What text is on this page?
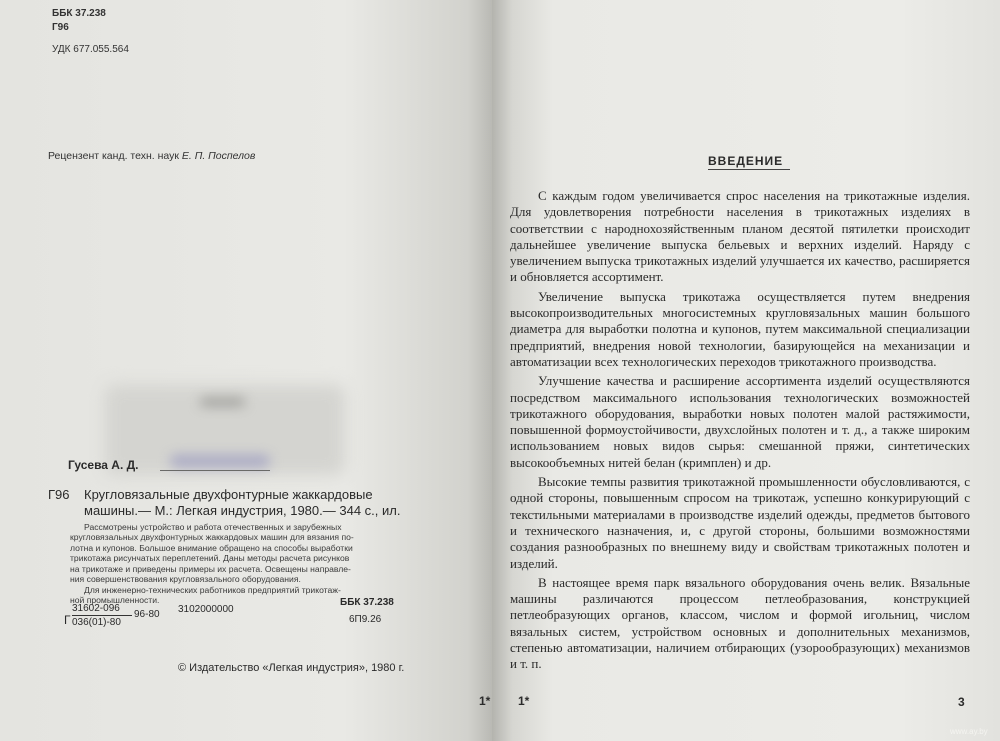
ББК 37.238
Г96
УДК 677.055.564
Рецензент канд. техн. наук Е. П. Поспелов
Гусева А. Д.
Г96 Кругловязальные двухфонтурные жаккардовые
машины.— М.: Легкая индустрия, 1980.— 344 с., ил.
Рассмотрены устройство и работа отечественных и зарубежных
кругловязальных двухфонтурных жаккардовых машин для вязания по-
лотна и купонов. Большое внимание обращено на способы выработки
трикотажа рисунчатых переплетений. Даны методы расчета рисунков
на трикотаже и приведены примеры их расчета. Освещены направле-
ния совершенствования кругловязального оборудования.
Для инженерно-технических работников предприятий трикотаж-
ной промышленности.
Г
31602-096
036(01)-80
96-80 3102000000
ББК 37.238
6П9.26
© Издательство «Легкая индустрия», 1980 г.
1* 1*
ВВЕДЕНИЕ

С каждым годом увеличивается спрос населения на трикотажные изделия. Для удовлетворения потребности населения в трикотажных изделиях в соответствии с народнохозяйственным планом десятой пятилетки происходит дальнейшее увеличение выпуска бельевых и верхних изделий. Наряду с увеличением выпуска трикотажных изделий улучшается их качество, расширяется и обновляется ассортимент.

Увеличение выпуска трикотажа осуществляется путем внедрения высокопроизводительных многосистемных кругловязальных машин большого диаметра для выработки полотна и купонов, путем максимальной специализации предприятий, внедрения новой технологии, базирующейся на механизации и автоматизации всех технологических переходов трикотажного производства.

Улучшение качества и расширение ассортимента изделий осуществляются посредством максимального использования технологических возможностей трикотажного оборудования, выработки новых полотен малой растяжимости, повышенной формоустойчивости, двухслойных полотен и т. д., а также широким использованием новых видов сырья: смешанной пряжи, синтетических высокообъемных нитей белан (кримплен) и др.

Высокие темпы развития трикотажной промышленности обусловливаются, с одной стороны, повышенным спросом на трикотаж, успешно конкурирующий с текстильными материалами в производстве изделий одежды, предметов бытового и технического назначения, и, с другой стороны, большими возможностями создания разнообразных по внешнему виду и свойствам трикотажных полотен и изделий.

В настоящее время парк вязального оборудования очень велик. Вязальные машины различаются процессом петлеобразования, конструкцией петлеобразующих органов, классом, числом и формой игольниц, числом вязальных систем, устройством основных и дополнительных механизмов, степенью автоматизации, наличием отбирающих (узорообразующих) механизмов и т. п.

3
www.ay.by
